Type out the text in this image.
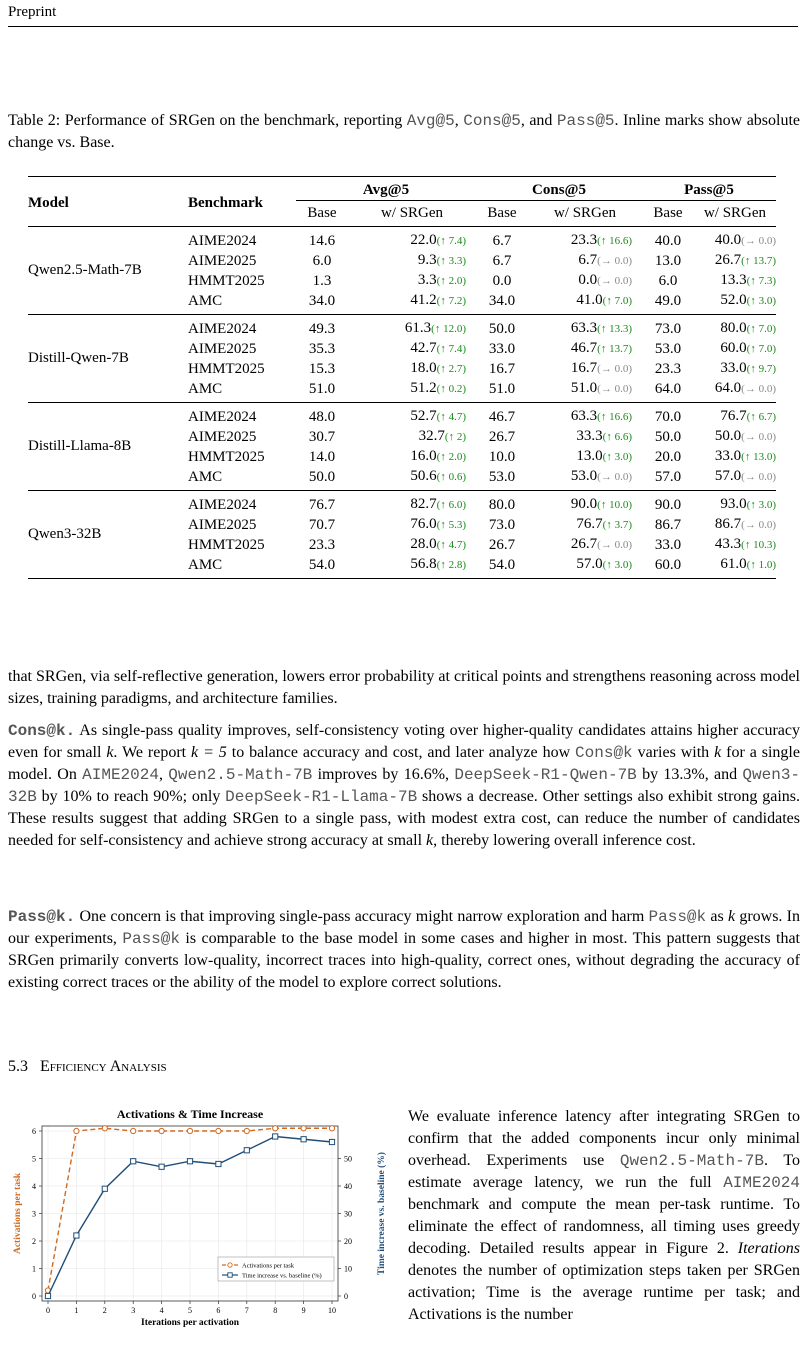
Preprint
Table 2: Performance of SRGen on the benchmark, reporting Avg@5, Cons@5, and Pass@5. Inline marks show absolute change vs. Base.

Model	Benchmark	Avg@5		Cons@5		Pass@5	
		Base	w/ SRGen	Base	w/ SRGen	Base	w/ SRGen

Qwen2.5-Math-7B	AIME2024	14.6	22.0(↑ 7.4)	6.7	23.3(↑ 16.6)	40.0	40.0(→ 0.0)
	AIME2025	6.0	9.3(↑ 3.3)	6.7	6.7(→ 0.0)	13.0	26.7(↑ 13.7)
	HMMT2025	1.3	3.3(↑ 2.0)	0.0	0.0(→ 0.0)	6.0	13.3(↑ 7.3)
	AMC	34.0	41.2(↑ 7.2)	34.0	41.0(↑ 7.0)	49.0	52.0(↑ 3.0)

Distill-Qwen-7B	AIME2024	49.3	61.3(↑ 12.0)	50.0	63.3(↑ 13.3)	73.0	80.0(↑ 7.0)
	AIME2025	35.3	42.7(↑ 7.4)	33.0	46.7(↑ 13.7)	53.0	60.0(↑ 7.0)
	HMMT2025	15.3	18.0(↑ 2.7)	16.7	16.7(→ 0.0)	23.3	33.0(↑ 9.7)
	AMC	51.0	51.2(↑ 0.2)	51.0	51.0(→ 0.0)	64.0	64.0(→ 0.0)

Distill-Llama-8B	AIME2024	48.0	52.7(↑ 4.7)	46.7	63.3(↑ 16.6)	70.0	76.7(↑ 6.7)
	AIME2025	30.7	32.7(↑ 2)	26.7	33.3(↑ 6.6)	50.0	50.0(→ 0.0)
	HMMT2025	14.0	16.0(↑ 2.0)	10.0	13.0(↑ 3.0)	20.0	33.0(↑ 13.0)
	AMC	50.0	50.6(↑ 0.6)	53.0	53.0(→ 0.0)	57.0	57.0(→ 0.0)

Qwen3-32B	AIME2024	76.7	82.7(↑ 6.0)	80.0	90.0(↑ 10.0)	90.0	93.0(↑ 3.0)
	AIME2025	70.7	76.0(↑ 5.3)	73.0	76.7(↑ 3.7)	86.7	86.7(→ 0.0)
	HMMT2025	23.3	28.0(↑ 4.7)	26.7	26.7(→ 0.0)	33.0	43.3(↑ 10.3)
	AMC	54.0	56.8(↑ 2.8)	54.0	57.0(↑ 3.0)	60.0	61.0(↑ 1.0)

that SRGen, via self-reflective generation, lowers error probability at critical points and strengthens reasoning across model sizes, training paradigms, and architecture families.
Cons@k. As single-pass quality improves, self-consistency voting over higher-quality candidates attains higher accuracy even for small k. We report k = 5 to balance accuracy and cost, and later analyze how Cons@k varies with k for a single model. On AIME2024, Qwen2.5-Math-7B improves by 16.6%, DeepSeek-R1-Qwen-7B by 13.3%, and Qwen3-32B by 10% to reach 90%; only DeepSeek-R1-Llama-7B shows a decrease. Other settings also exhibit strong gains. These results suggest that adding SRGen to a single pass, with modest extra cost, can reduce the number of candidates needed for self-consistency and achieve strong accuracy at small k, thereby lowering overall inference cost.
Pass@k. One concern is that improving single-pass accuracy might narrow exploration and harm Pass@k as k grows. In our experiments, Pass@k is comparable to the base model in some cases and higher in most. This pattern suggests that SRGen primarily converts low-quality, incorrect traces into high-quality, correct ones, without degrading the accuracy of existing correct traces or the ability of the model to explore correct solutions.
5.3 Efficiency Analysis
Activations & Time Increase
0
1
2
3
4
5
6
0
10
20
30
40
50
0	1	2	3	4	5	6	7	8	9	10
Iterations per activation
Activations per task	Time increase vs. baseline (%)
Activations per task
Time increase vs. baseline (%)
We evaluate inference latency after integrating SRGen to confirm that the added components incur only minimal overhead. Experiments use Qwen2.5-Math-7B. To estimate average latency, we run the full AIME2024 benchmark and compute the mean per-task runtime. To eliminate the effect of randomness, all timing uses greedy decoding. Detailed results appear in Figure 2. Iterations denotes the number of optimization steps taken per SRGen activation; Time is the average runtime per task; and Activations is the number
